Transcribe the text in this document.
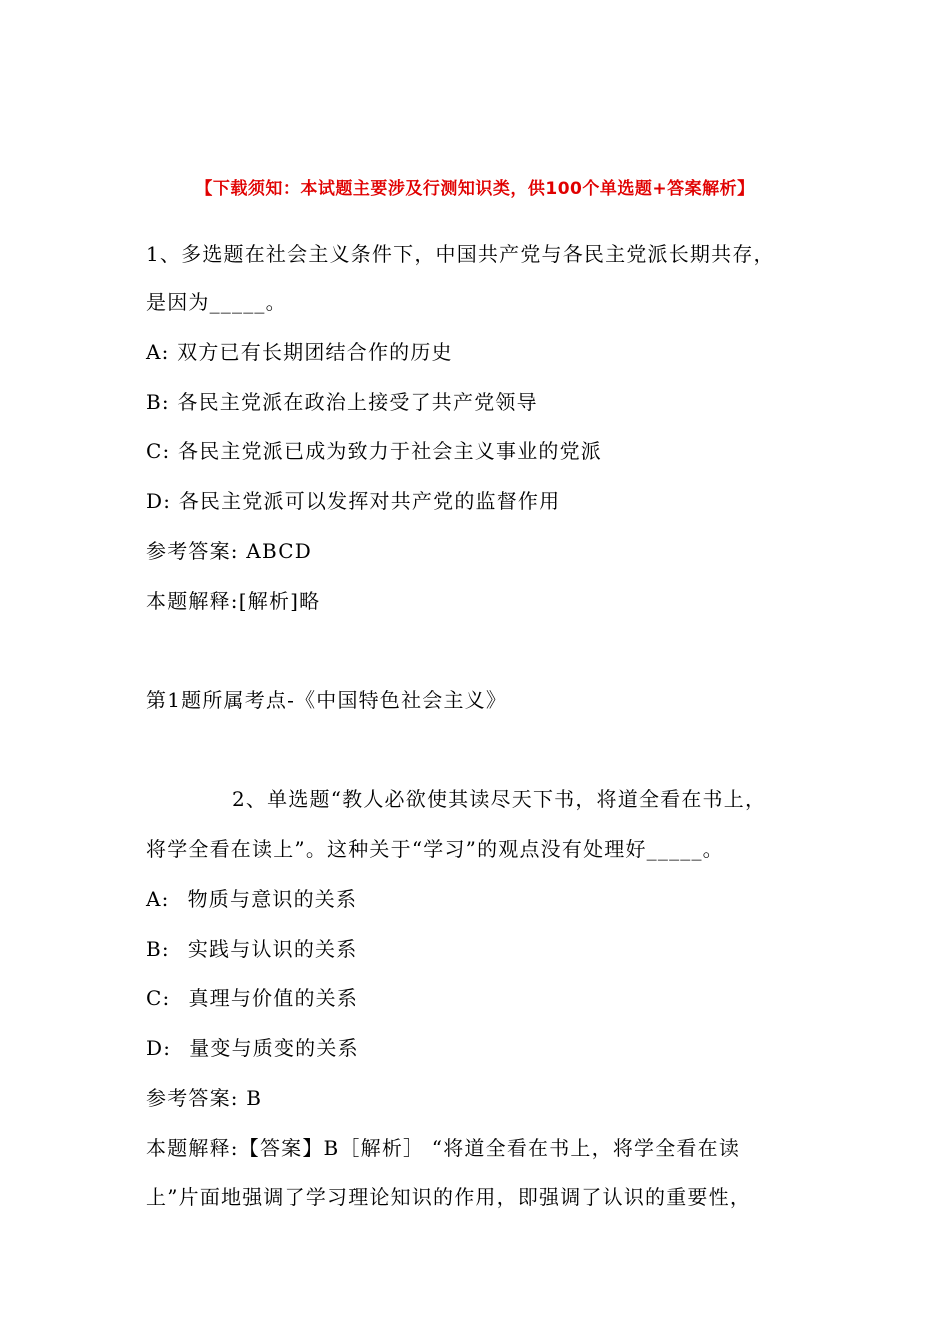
【下载须知：本试题主要涉及行测知识类，供100个单选题+答案解析】
1、多选题在社会主义条件下，中国共产党与各民主党派长期共存，
是因为_____。
A: 双方已有长期团结合作的历史
B: 各民主党派在政治上接受了共产党领导
C: 各民主党派已成为致力于社会主义事业的党派
D: 各民主党派可以发挥对共产党的监督作用
参考答案: ABCD
本题解释:[解析]略
第1题所属考点-《中国特色社会主义》
2、单选题“教人必欲使其读尽天下书，将道全看在书上，
将学全看在读上”。这种关于“学习”的观点没有处理好_____。
A: 物质与意识的关系
B: 实践与认识的关系
C: 真理与价值的关系
D: 量变与质变的关系
参考答案: B
本题解释:【答案】B［解析］ “将道全看在书上，将学全看在读
上”片面地强调了学习理论知识的作用，即强调了认识的重要性，
